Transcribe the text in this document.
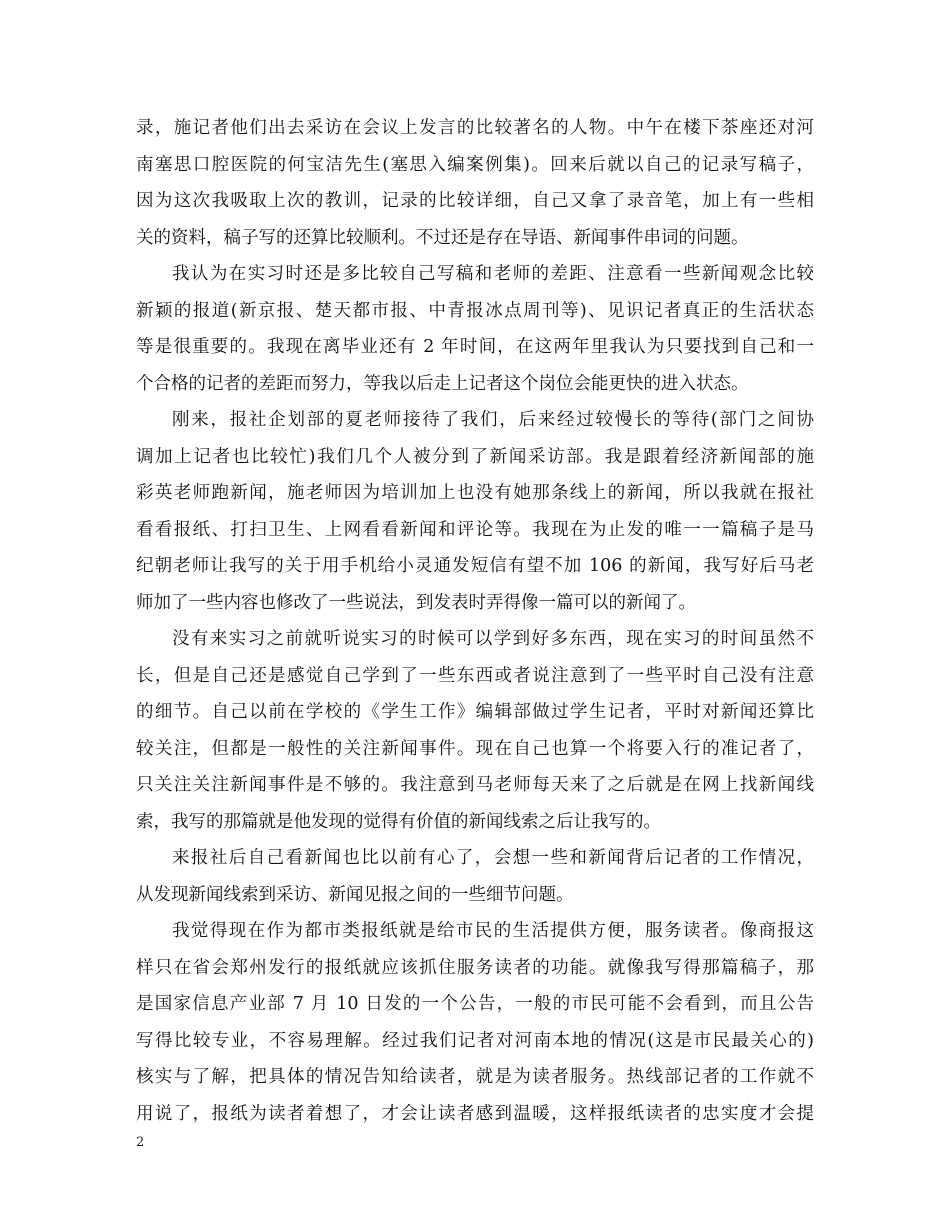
录，施记者他们出去采访在会议上发言的比较著名的人物。中午在楼下茶座还对河
南塞思口腔医院的何宝洁先生(塞思入编案例集)。回来后就以自己的记录写稿子，
因为这次我吸取上次的教训，记录的比较详细，自己又拿了录音笔，加上有一些相
关的资料，稿子写的还算比较顺利。不过还是存在导语、新闻事件串词的问题。
我认为在实习时还是多比较自己写稿和老师的差距、注意看一些新闻观念比较
新颖的报道(新京报、楚天都市报、中青报冰点周刊等)、见识记者真正的生活状态
等是很重要的。我现在离毕业还有 2 年时间，在这两年里我认为只要找到自己和一
个合格的记者的差距而努力，等我以后走上记者这个岗位会能更快的进入状态。
刚来，报社企划部的夏老师接待了我们，后来经过较慢长的等待(部门之间协
调加上记者也比较忙)我们几个人被分到了新闻采访部。我是跟着经济新闻部的施
彩英老师跑新闻，施老师因为培训加上也没有她那条线上的新闻，所以我就在报社
看看报纸、打扫卫生、上网看看新闻和评论等。我现在为止发的唯一一篇稿子是马
纪朝老师让我写的关于用手机给小灵通发短信有望不加 106 的新闻，我写好后马老
师加了一些内容也修改了一些说法，到发表时弄得像一篇可以的新闻了。
没有来实习之前就听说实习的时候可以学到好多东西，现在实习的时间虽然不
长，但是自己还是感觉自己学到了一些东西或者说注意到了一些平时自己没有注意
的细节。自己以前在学校的《学生工作》编辑部做过学生记者，平时对新闻还算比
较关注，但都是一般性的关注新闻事件。现在自己也算一个将要入行的准记者了，
只关注关注新闻事件是不够的。我注意到马老师每天来了之后就是在网上找新闻线
索，我写的那篇就是他发现的觉得有价值的新闻线索之后让我写的。
来报社后自己看新闻也比以前有心了，会想一些和新闻背后记者的工作情况，
从发现新闻线索到采访、新闻见报之间的一些细节问题。
我觉得现在作为都市类报纸就是给市民的生活提供方便，服务读者。像商报这
样只在省会郑州发行的报纸就应该抓住服务读者的功能。就像我写得那篇稿子，那
是国家信息产业部 7 月 10 日发的一个公告，一般的市民可能不会看到，而且公告
写得比较专业，不容易理解。经过我们记者对河南本地的情况(这是市民最关心的)
核实与了解，把具体的情况告知给读者，就是为读者服务。热线部记者的工作就不
用说了，报纸为读者着想了，才会让读者感到温暖，这样报纸读者的忠实度才会提
2
